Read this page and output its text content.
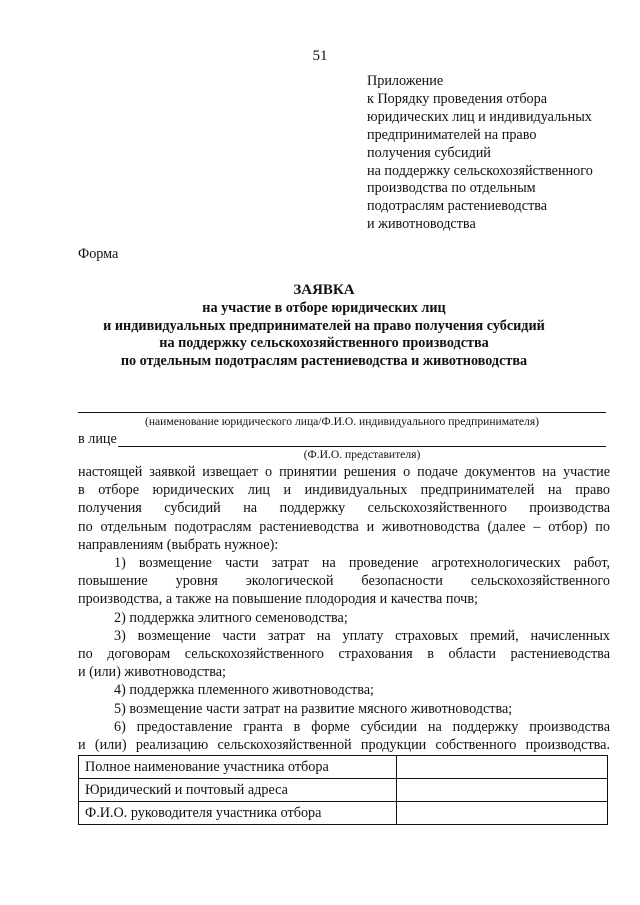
51
Приложение
к Порядку проведения отбора
юридических лиц и индивидуальных
предпринимателей на право
получения субсидий
на поддержку сельскохозяйственного
производства по отдельным
подотраслям растениеводства
и животноводства
Форма
ЗАЯВКА
на участие в отборе юридических лиц
и индивидуальных предпринимателей на право получения субсидий
на поддержку сельскохозяйственного производства
по отдельным подотраслям растениеводства и животноводства
(наименование юридического лица/Ф.И.О. индивидуального предпринимателя)
в лице
(Ф.И.О. представителя)
настоящей заявкой извещает о принятии решения о подаче документов на участие
в отборе юридических лиц и индивидуальных предпринимателей на право
получения субсидий на поддержку сельскохозяйственного производства
по отдельным подотраслям растениеводства и животноводства (далее – отбор) по
направлениям (выбрать нужное):
1) возмещение части затрат на проведение агротехнологических работ,
повышение уровня экологической безопасности сельскохозяйственного
производства, а также на повышение плодородия и качества почв;
2) поддержка элитного семеноводства;
3) возмещение части затрат на уплату страховых премий, начисленных
по договорам сельскохозяйственного страхования в области растениеводства
и (или) животноводства;
4) поддержка племенного животноводства;
5) возмещение части затрат на развитие мясного животноводства;
6) предоставление гранта в форме субсидии на поддержку производства
и (или) реализацию сельскохозяйственной продукции собственного производства.
Полное наименование участника отбора	
Юридический и почтовый адреса	
Ф.И.О. руководителя участника отбора	
